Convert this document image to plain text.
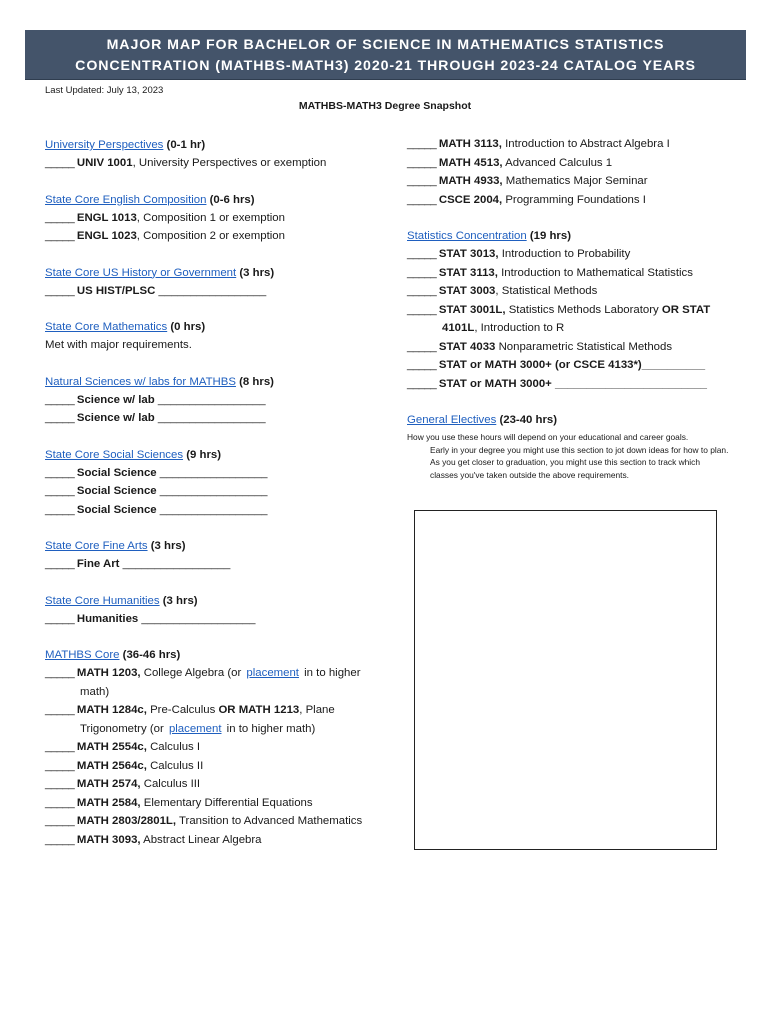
MAJOR MAP FOR BACHELOR OF SCIENCE IN MATHEMATICS STATISTICS
CONCENTRATION (MATHBS-MATH3) 2020-21 THROUGH 2023-24 CATALOG YEARS
Last Updated: July 13, 2023
MATHBS-MATH3 Degree Snapshot
University Perspectives (0-1 hr)
_____ UNIV 1001, University Perspectives or exemption
State Core English Composition (0-6 hrs)
_____ ENGL 1013, Composition 1 or exemption
_____ ENGL 1023, Composition 2 or exemption
State Core US History or Government (3 hrs)
_____ US HIST/PLSC _________________
State Core Mathematics (0 hrs)
Met with major requirements.
Natural Sciences w/ labs for MATHBS (8 hrs)
_____ Science w/ lab _________________
_____ Science w/ lab _________________
State Core Social Sciences (9 hrs)
_____ Social Science _________________
_____ Social Science _________________
_____ Social Science _________________
State Core Fine Arts (3 hrs)
_____ Fine Art _________________
State Core Humanities (3 hrs)
_____ Humanities __________________
MATHBS Core (36-46 hrs)
_____ MATH 1203, College Algebra (or placement in to higher math)
_____ MATH 1284c, Pre-Calculus OR MATH 1213, Plane Trigonometry (or placement in to higher math)
_____ MATH 2554c, Calculus I
_____ MATH 2564c, Calculus II
_____ MATH 2574, Calculus III
_____ MATH 2584, Elementary Differential Equations
_____ MATH 2803/2801L, Transition to Advanced Mathematics
_____ MATH 3093, Abstract Linear Algebra
_____ MATH 3113, Introduction to Abstract Algebra I
_____ MATH 4513, Advanced Calculus 1
_____ MATH 4933, Mathematics Major Seminar
_____ CSCE 2004, Programming Foundations I
Statistics Concentration (19 hrs)
_____ STAT 3013, Introduction to Probability
_____ STAT 3113, Introduction to Mathematical Statistics
_____ STAT 3003, Statistical Methods
_____ STAT 3001L, Statistics Methods Laboratory OR STAT 4101L, Introduction to R
_____ STAT 4033 Nonparametric Statistical Methods
_____ STAT or MATH 3000+ (or CSCE 4133*)__________
_____ STAT or MATH 3000+ ________________________
General Electives (23-40 hrs)
How you use these hours will depend on your educational and career goals.
Early in your degree you might use this section to jot down ideas for how to plan. As you get closer to graduation, you might use this section to track which classes you've taken outside the above requirements.
